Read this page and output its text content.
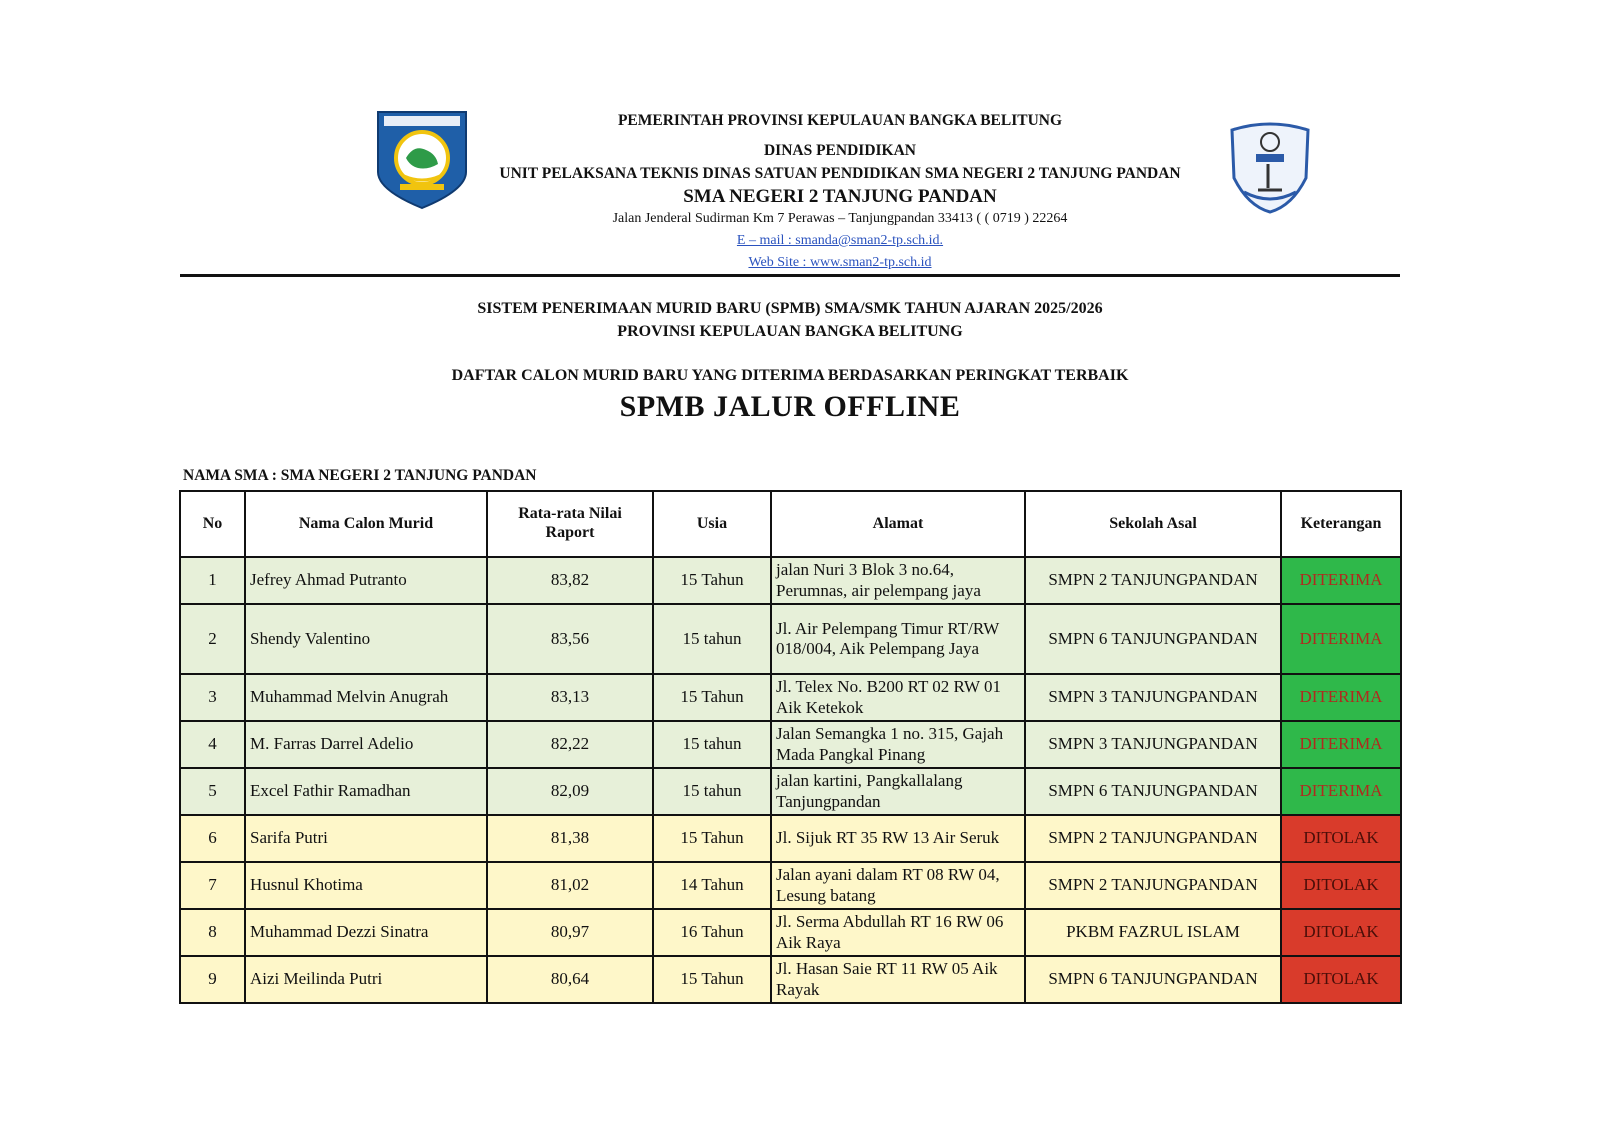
PEMERINTAH PROVINSI KEPULAUAN BANGKA BELITUNG
DINAS PENDIDIKAN
UNIT PELAKSANA TEKNIS DINAS SATUAN PENDIDIKAN SMA NEGERI 2 TANJUNG PANDAN
SMA NEGERI 2 TANJUNG PANDAN
Jalan Jenderal Sudirman Km 7 Perawas – Tanjungpandan 33413 ( ( 0719 ) 22264
E – mail : smanda@sman2-tp.sch.id.
Web Site : www.sman2-tp.sch.id
SISTEM PENERIMAAN MURID BARU (SPMB) SMA/SMK TAHUN AJARAN 2025/2026
PROVINSI KEPULAUAN BANGKA BELITUNG
DAFTAR CALON MURID BARU YANG DITERIMA BERDASARKAN PERINGKAT TERBAIK
SPMB JALUR OFFLINE
NAMA SMA : SMA NEGERI 2 TANJUNG PANDAN
No	Nama Calon Murid	Rata-rata Nilai Raport	Usia	Alamat	Sekolah Asal	Keterangan
1	Jefrey Ahmad Putranto	83,82	15 Tahun	jalan Nuri 3 Blok 3 no.64, Perumnas, air pelempang jaya	SMPN 2 TANJUNGPANDAN	DITERIMA
2	Shendy Valentino	83,56	15 tahun	Jl. Air Pelempang Timur RT/RW 018/004, Aik Pelempang Jaya	SMPN 6 TANJUNGPANDAN	DITERIMA
3	Muhammad Melvin Anugrah	83,13	15 Tahun	Jl. Telex No. B200 RT 02 RW 01 Aik Ketekok	SMPN 3 TANJUNGPANDAN	DITERIMA
4	M. Farras Darrel Adelio	82,22	15 tahun	Jalan Semangka 1 no. 315, Gajah Mada Pangkal Pinang	SMPN 3 TANJUNGPANDAN	DITERIMA
5	Excel Fathir Ramadhan	82,09	15 tahun	jalan kartini, Pangkallalang Tanjungpandan	SMPN 6 TANJUNGPANDAN	DITERIMA
6	Sarifa Putri	81,38	15 Tahun	Jl. Sijuk RT 35 RW 13 Air Seruk	SMPN 2 TANJUNGPANDAN	DITOLAK
7	Husnul Khotima	81,02	14 Tahun	Jalan ayani dalam RT 08 RW 04, Lesung batang	SMPN 2 TANJUNGPANDAN	DITOLAK
8	Muhammad Dezzi Sinatra	80,97	16 Tahun	Jl. Serma Abdullah RT 16 RW 06 Aik Raya	PKBM FAZRUL ISLAM	DITOLAK
9	Aizi Meilinda Putri	80,64	15 Tahun	Jl. Hasan Saie RT 11 RW 05 Aik Rayak	SMPN 6 TANJUNGPANDAN	DITOLAK
